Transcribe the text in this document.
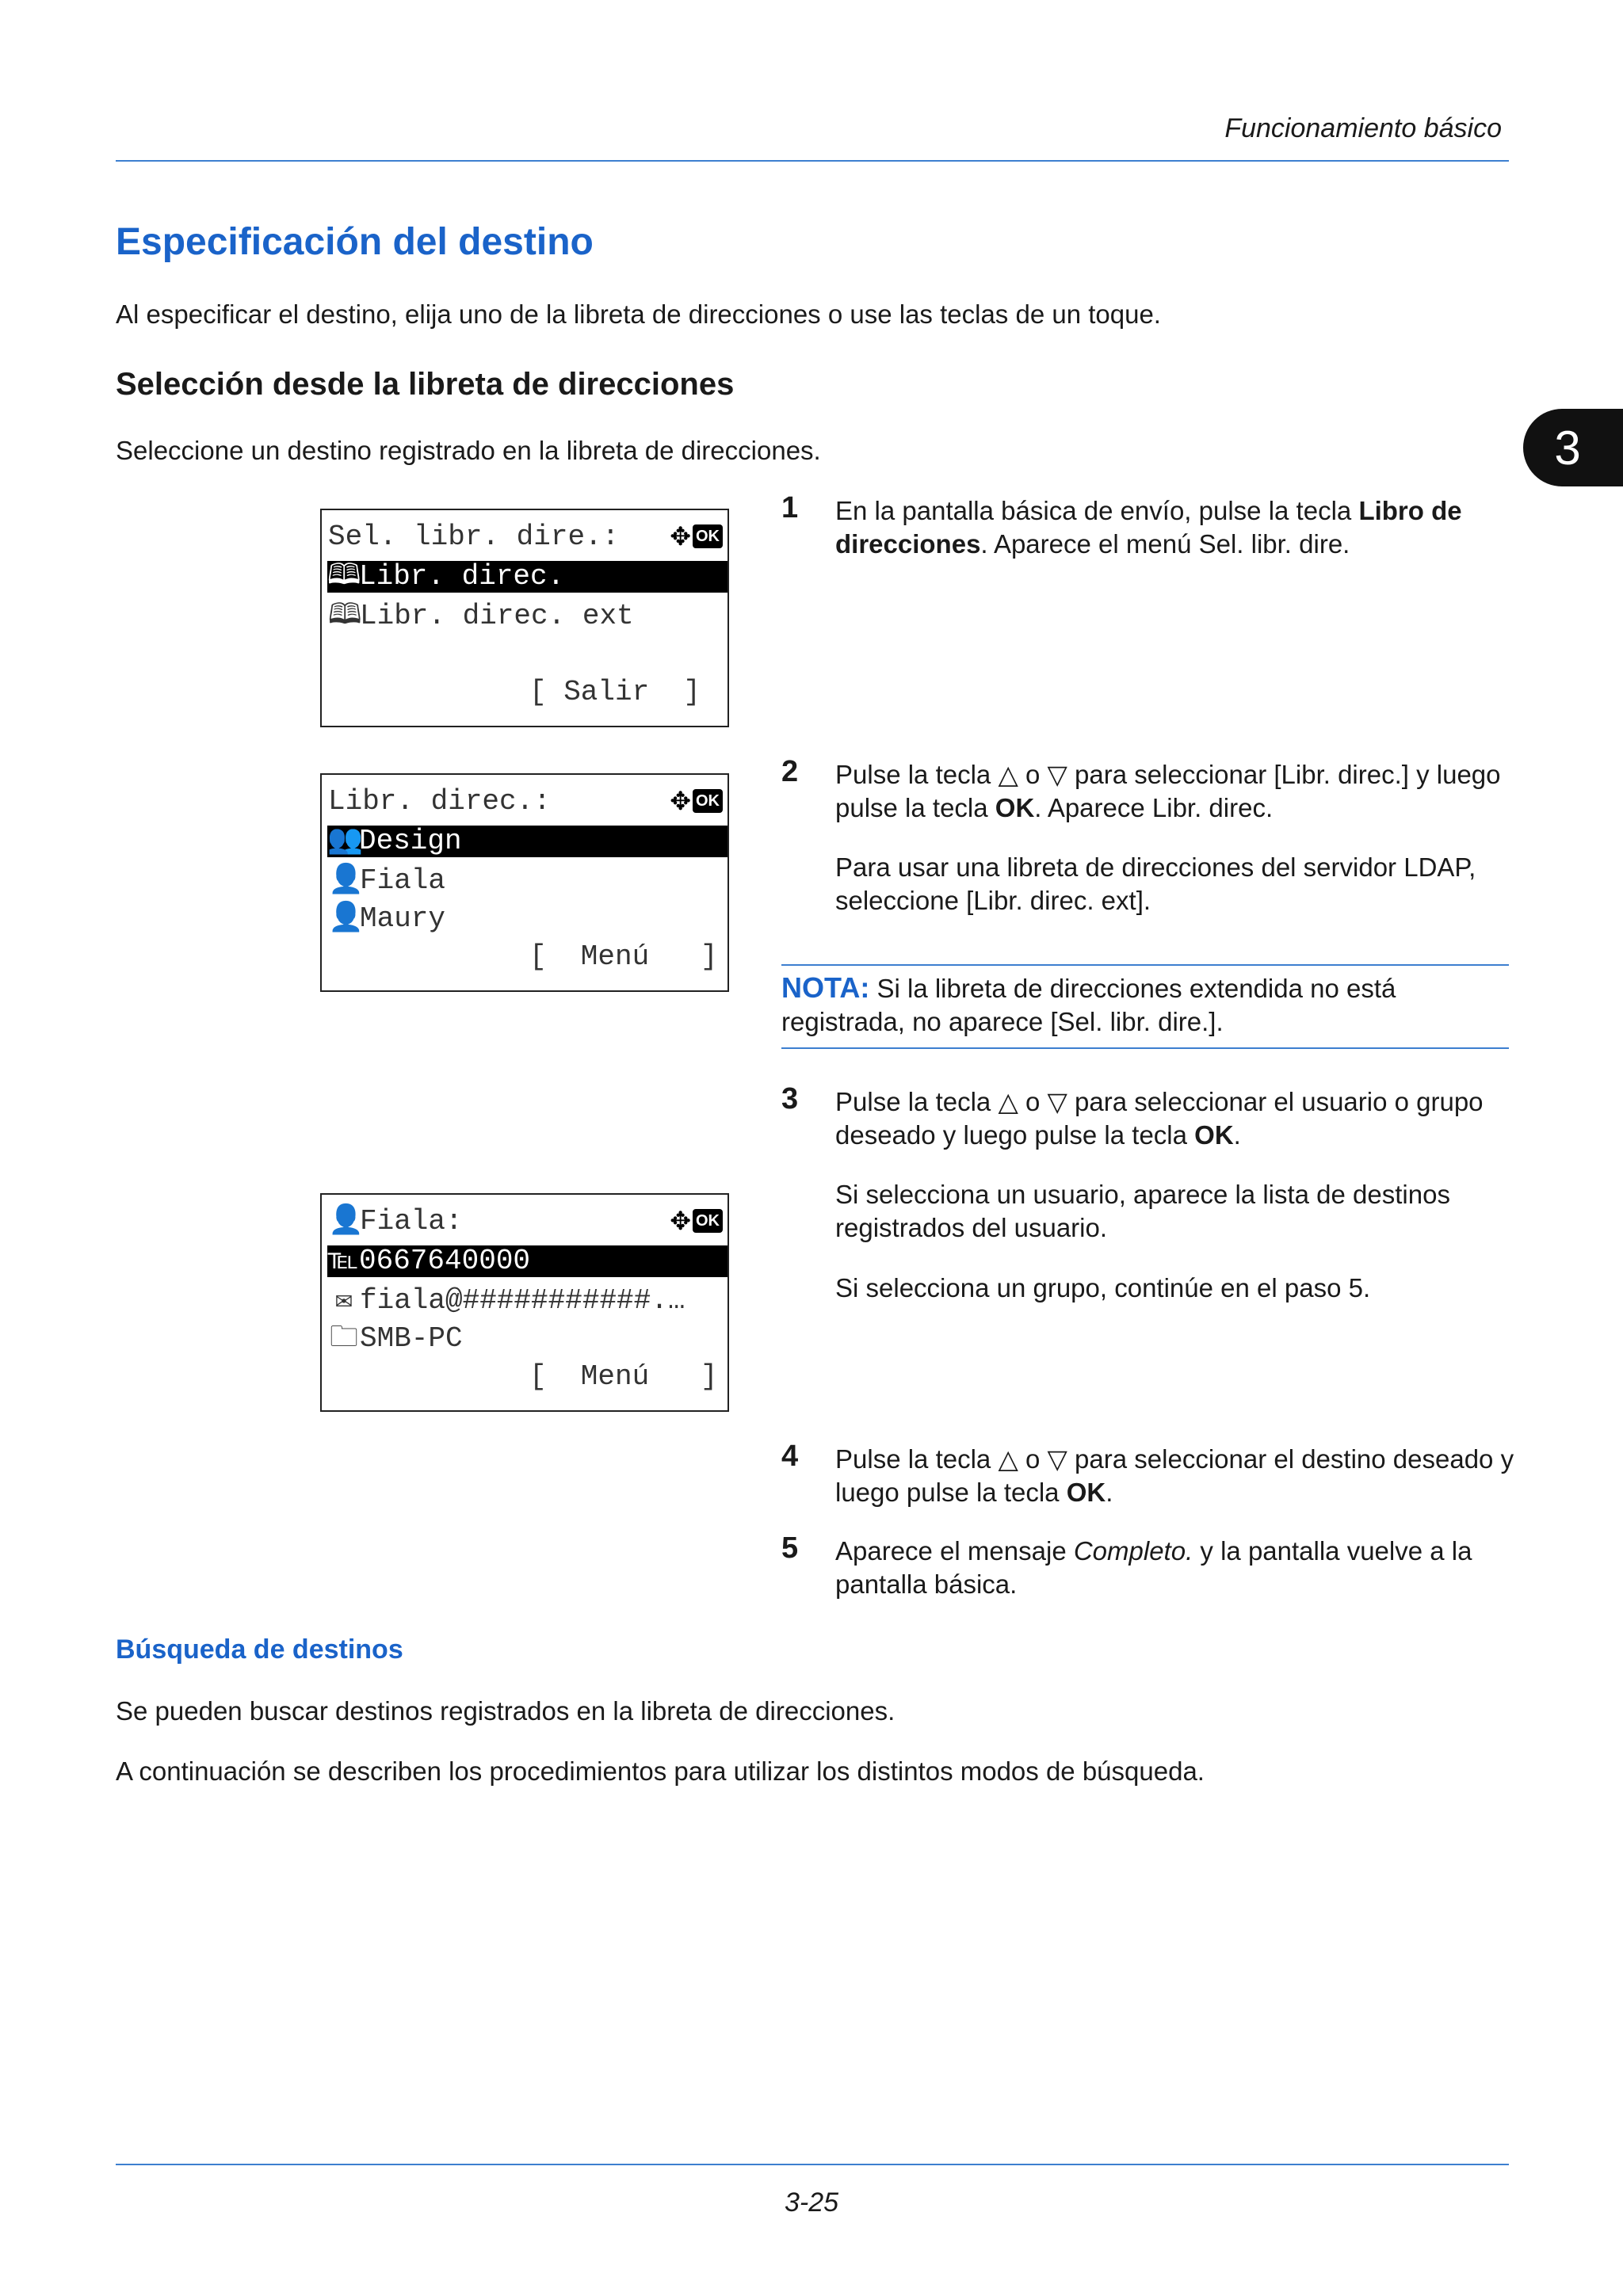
Funcionamiento básico
3
Especificación del destino
Al especificar el destino, elija uno de la libreta de direcciones o use las teclas de un toque.
Selección desde la libreta de direcciones
Seleccione un destino registrado en la libreta de direcciones.
Sel. libr. dire.:	✥ OK
🕮Libr. direc.
🕮Libr. direc. ext
[ Salir  ]
Libr. direc.:	✥ OK
👥Design
👤Fiala
👤Maury
[  Menú   ]
👤Fiala:	✥ OK
℡0667640000
✉ fiala@###########.…
🗀SMB-PC
[  Menú   ]
1 En la pantalla básica de envío, pulse la tecla Libro de direcciones. Aparece el menú Sel. libr. dire.
2 Pulse la tecla △ o ▽ para seleccionar [Libr. direc.] y luego pulse la tecla OK. Aparece Libr. direc.
Para usar una libreta de direcciones del servidor LDAP, seleccione [Libr. direc. ext].
NOTA: Si la libreta de direcciones extendida no está registrada, no aparece [Sel. libr. dire.].
3 Pulse la tecla △ o ▽ para seleccionar el usuario o grupo deseado y luego pulse la tecla OK.
Si selecciona un usuario, aparece la lista de destinos registrados del usuario.
Si selecciona un grupo, continúe en el paso 5.
4 Pulse la tecla △ o ▽ para seleccionar el destino deseado y luego pulse la tecla OK.
5 Aparece el mensaje Completo. y la pantalla vuelve a la pantalla básica.
Búsqueda de destinos
Se pueden buscar destinos registrados en la libreta de direcciones.
A continuación se describen los procedimientos para utilizar los distintos modos de búsqueda.
3-25
